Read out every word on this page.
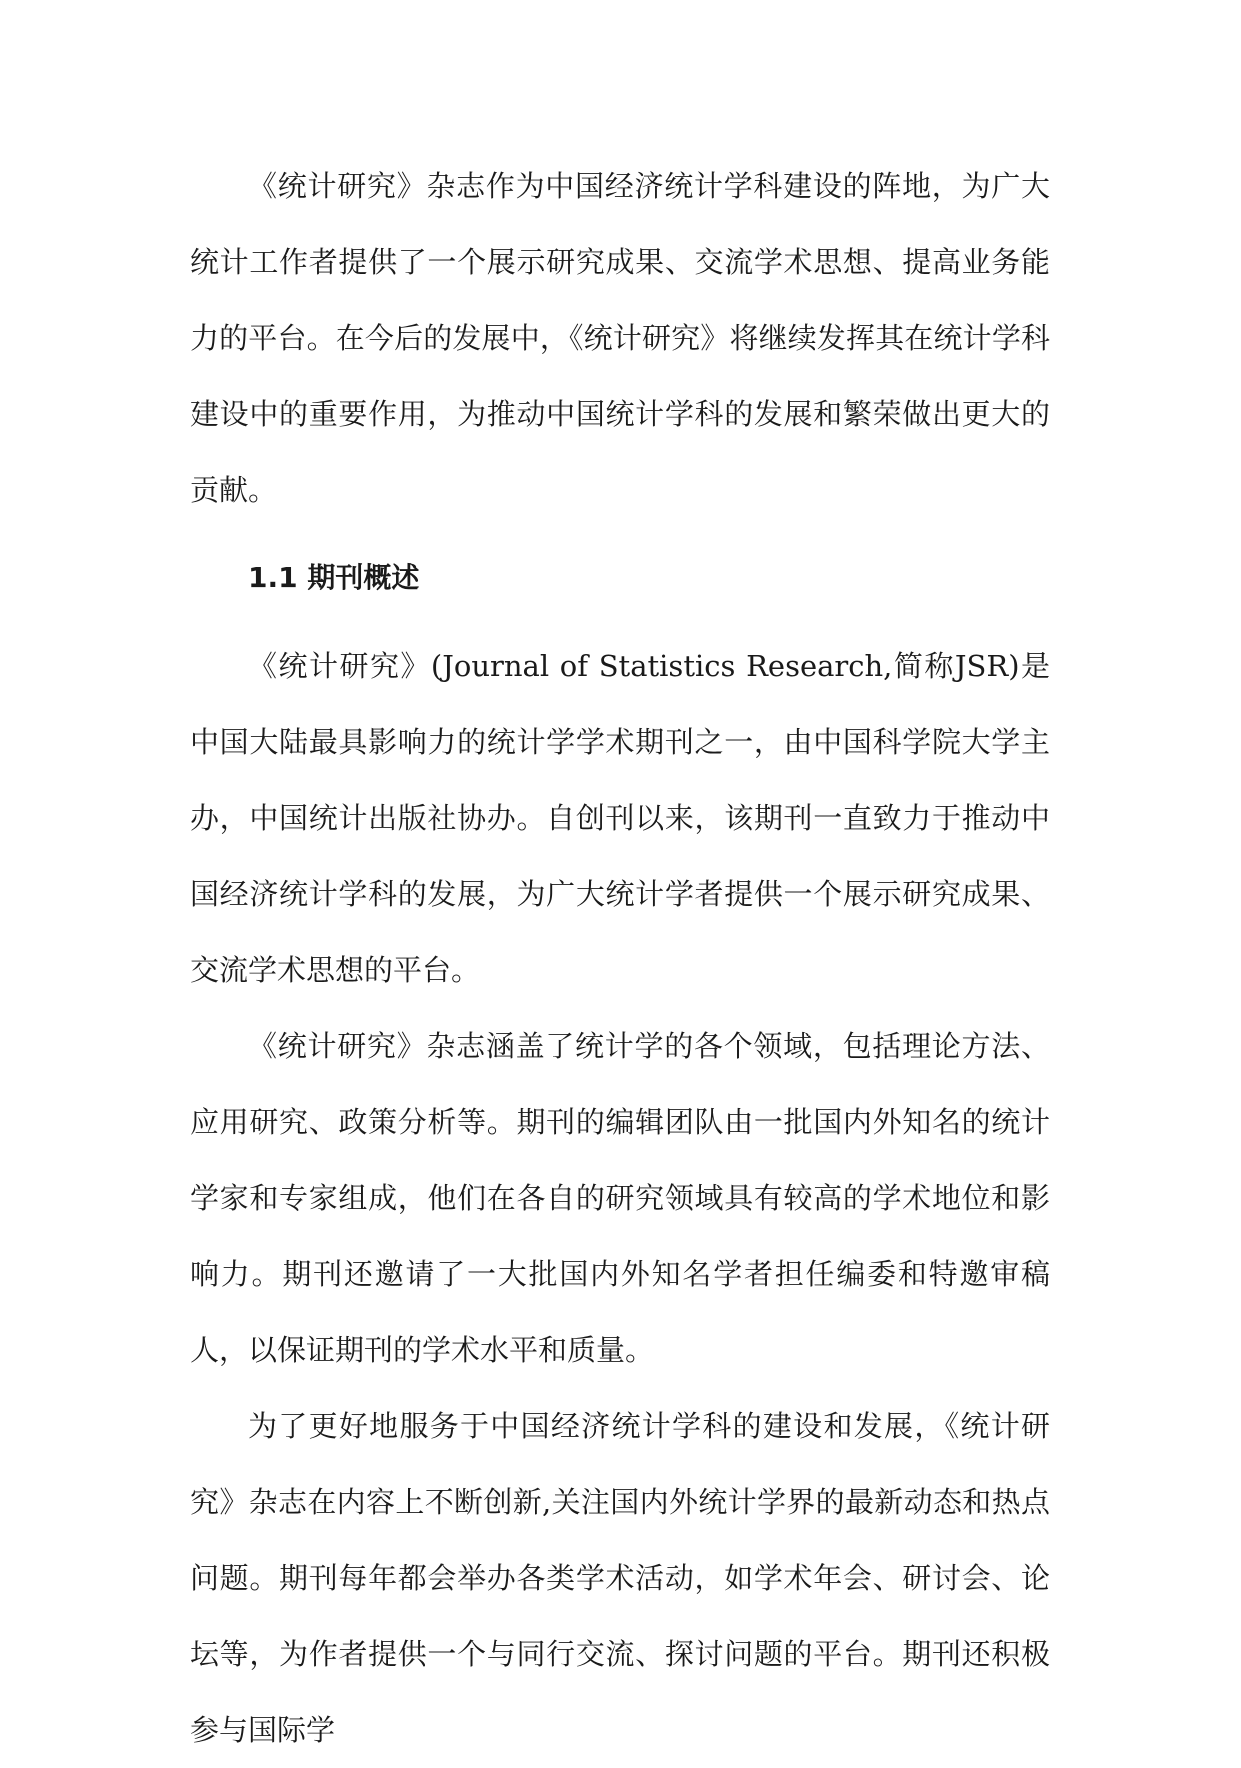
《统计研究》杂志作为中国经济统计学科建设的阵地，为广大统计工作者提供了一个展示研究成果、交流学术思想、提高业务能力的平台。在今后的发展中，《统计研究》将继续发挥其在统计学科建设中的重要作用，为推动中国统计学科的发展和繁荣做出更大的贡献。

1.1 期刊概述

《统计研究》(Journal of Statistics Research,简称JSR)是中国大陆最具影响力的统计学学术期刊之一，由中国科学院大学主办，中国统计出版社协办。自创刊以来，该期刊一直致力于推动中国经济统计学科的发展，为广大统计学者提供一个展示研究成果、交流学术思想的平台。

《统计研究》杂志涵盖了统计学的各个领域，包括理论方法、应用研究、政策分析等。期刊的编辑团队由一批国内外知名的统计学家和专家组成，他们在各自的研究领域具有较高的学术地位和影响力。期刊还邀请了一大批国内外知名学者担任编委和特邀审稿人，以保证期刊的学术水平和质量。

为了更好地服务于中国经济统计学科的建设和发展，《统计研究》杂志在内容上不断创新,关注国内外统计学界的最新动态和热点问题。期刊每年都会举办各类学术活动，如学术年会、研讨会、论坛等，为作者提供一个与同行交流、探讨问题的平台。期刊还积极参与国际学
